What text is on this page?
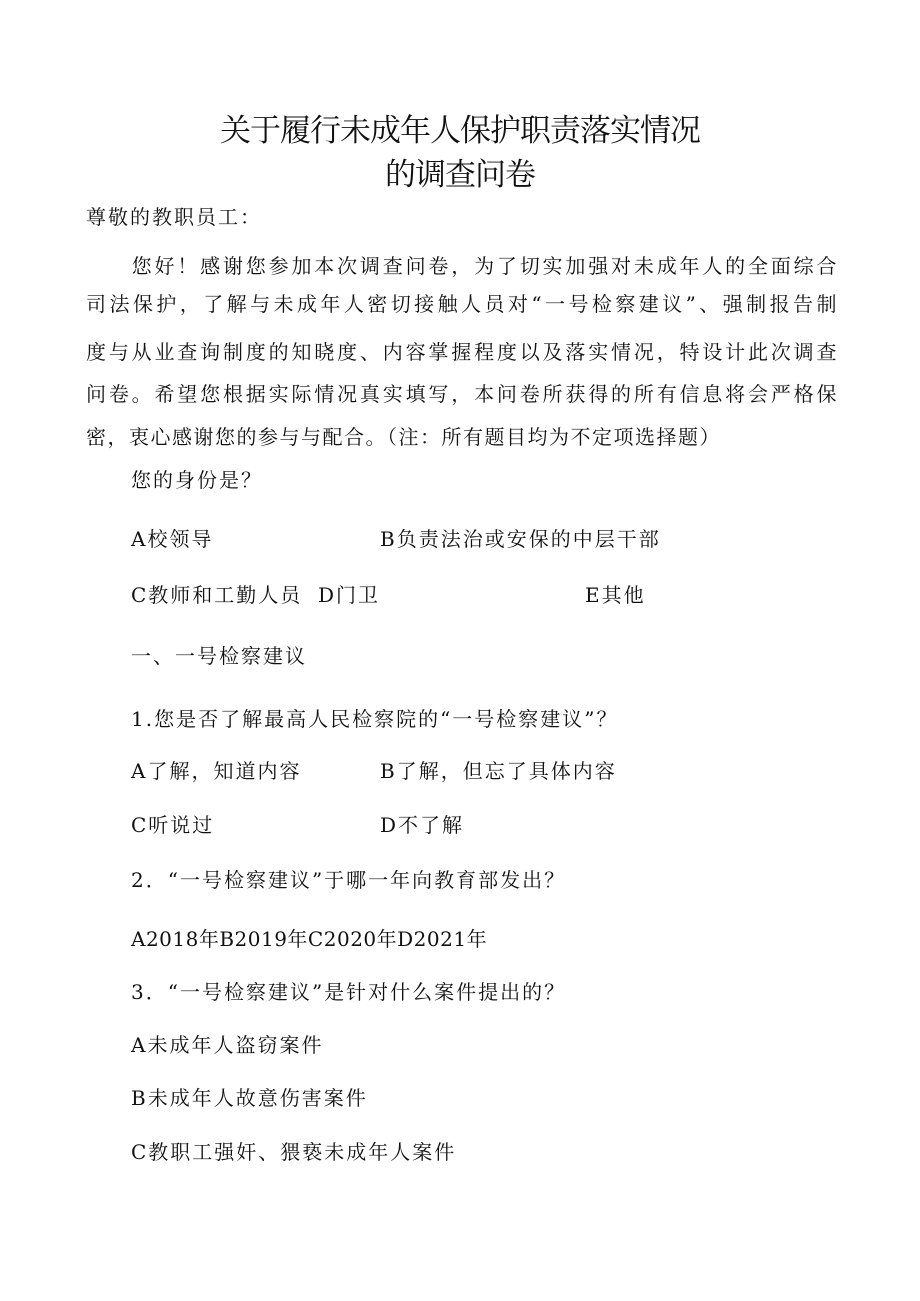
关于履行未成年人保护职责落实情况
的调查问卷
尊敬的教职员工：
　　您好！感谢您参加本次调查问卷，为了切实加强对未成年人的全面综合
司法保护，了解与未成年人密切接触人员对“一号检察建议”、强制报告制
度与从业查询制度的知晓度、内容掌握程度以及落实情况，特设计此次调查
问卷。希望您根据实际情况真实填写，本问卷所获得的所有信息将会严格保
密，衷心感谢您的参与与配合。（注：所有题目均为不定项选择题）
您的身份是？
A校领导	B负责法治或安保的中层干部
C教师和工勤人员 D门卫	E其他
一、一号检察建议
1.您是否了解最高人民检察院的“一号检察建议”？
A了解，知道内容	B了解，但忘了具体内容
C听说过	D不了解
2．“一号检察建议”于哪一年向教育部发出？
A2018年B2019年C2020年D2021年
3．“一号检察建议”是针对什么案件提出的？
A未成年人盗窃案件
B未成年人故意伤害案件
C教职工强奸、猥亵未成年人案件
